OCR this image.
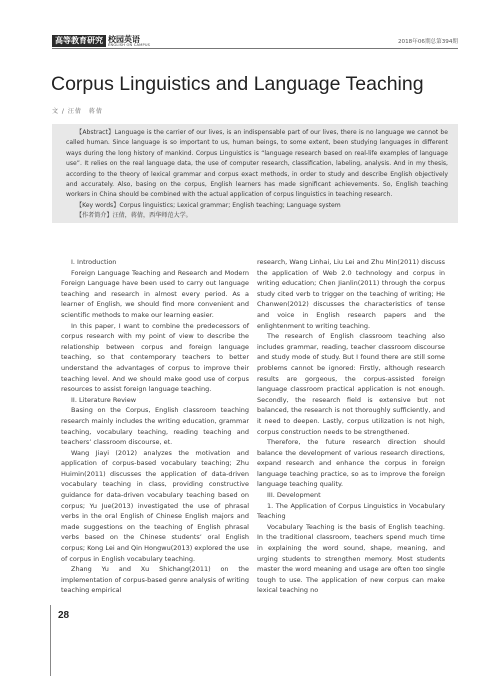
高等教育研究 校园英语
ENGLISH ON CAMPUS	2018年06期总第394期
Corpus Linguistics and Language Teaching
文 / 汪倩　蒋倩

【Abstract】Language is the carrier of our lives, is an indispensable part of our lives, there is no language we cannot be called human. Since language is so important to us, human beings, to some extent, been studying languages in different ways during the long history of mankind. Corpus Linguistics is “language research based on real-life examples of language use”. It relies on the real language data, the use of computer research, classification, labeling, analysis. And in my thesis, according to the theory of lexical grammar and corpus exact methods, in order to study and describe English objectively and accurately. Also, basing on the corpus, English learners has made significant achievements. So, English teaching workers in China should be combined with the actual application of corpus linguistics in teaching research.

【Key words】Corpus linguistics; Lexical grammar; English teaching; Language system

【作者简介】汪倩，蒋倩，西华师范大学。

I. Introduction

Foreign Language Teaching and Research and Modern Foreign Language have been used to carry out language teaching and research in almost every period. As a learner of English, we should find more convenient and scientific methods to make our learning easier.

In this paper, I want to combine the predecessors of corpus research with my point of view to describe the relationship between corpus and foreign language teaching, so that contemporary teachers to better understand the advantages of corpus to improve their teaching level. And we should make good use of corpus resources to assist foreign language teaching.

II. Literature Review

Basing on the Corpus, English classroom teaching research mainly includes the writing education, grammar teaching, vocabulary teaching, reading teaching and teachers’ classroom discourse, et.

Wang Jiayi (2012) analyzes the motivation and application of corpus-based vocabulary teaching; Zhu Huimin(2011) discusses the application of data-driven vocabulary teaching in class, providing constructive guidance for data-driven vocabulary teaching based on corpus; Yu Jue(2013) investigated the use of phrasal verbs in the oral English of Chinese English majors and made suggestions on the teaching of English phrasal verbs based on the Chinese students’ oral English corpus; Kong Lei and Qin Hongwu(2013) explored the use of corpus in English vocabulary teaching.

Zhang Yu and Xu Shichang(2011) on the implementation of corpus-based genre analysis of writing teaching empirical

research, Wang Linhai, Liu Lei and Zhu Min(2011) discuss the application of Web 2.0 technology and corpus in writing education; Chen Jianlin(2011) through the corpus study cited verb to trigger on the teaching of writing; He Chanwen(2012) discusses the characteristics of tense and voice in English research papers and the enlightenment to writing teaching.

The research of English classroom teaching also includes grammar, reading, teacher classroom discourse and study mode of study. But I found there are still some problems cannot be ignored: Firstly, although research results are gorgeous, the corpus-assisted foreign language classroom practical application is not enough. Secondly, the research field is extensive but not balanced, the research is not thoroughly sufficiently, and it need to deepen. Lastly, corpus utilization is not high, corpus construction needs to be strengthened.

Therefore, the future research direction should balance the development of various research directions, expand research and enhance the corpus in foreign language teaching practice, so as to improve the foreign language teaching quality.

III. Development

1. The Application of Corpus Linguistics in Vocabulary Teaching

Vocabulary Teaching is the basis of English teaching. In the traditional classroom, teachers spend much time in explaining the word sound, shape, meaning, and urging students to strengthen memory. Most students master the word meaning and usage are often too single tough to use. The application of new corpus can make lexical teaching no

28
